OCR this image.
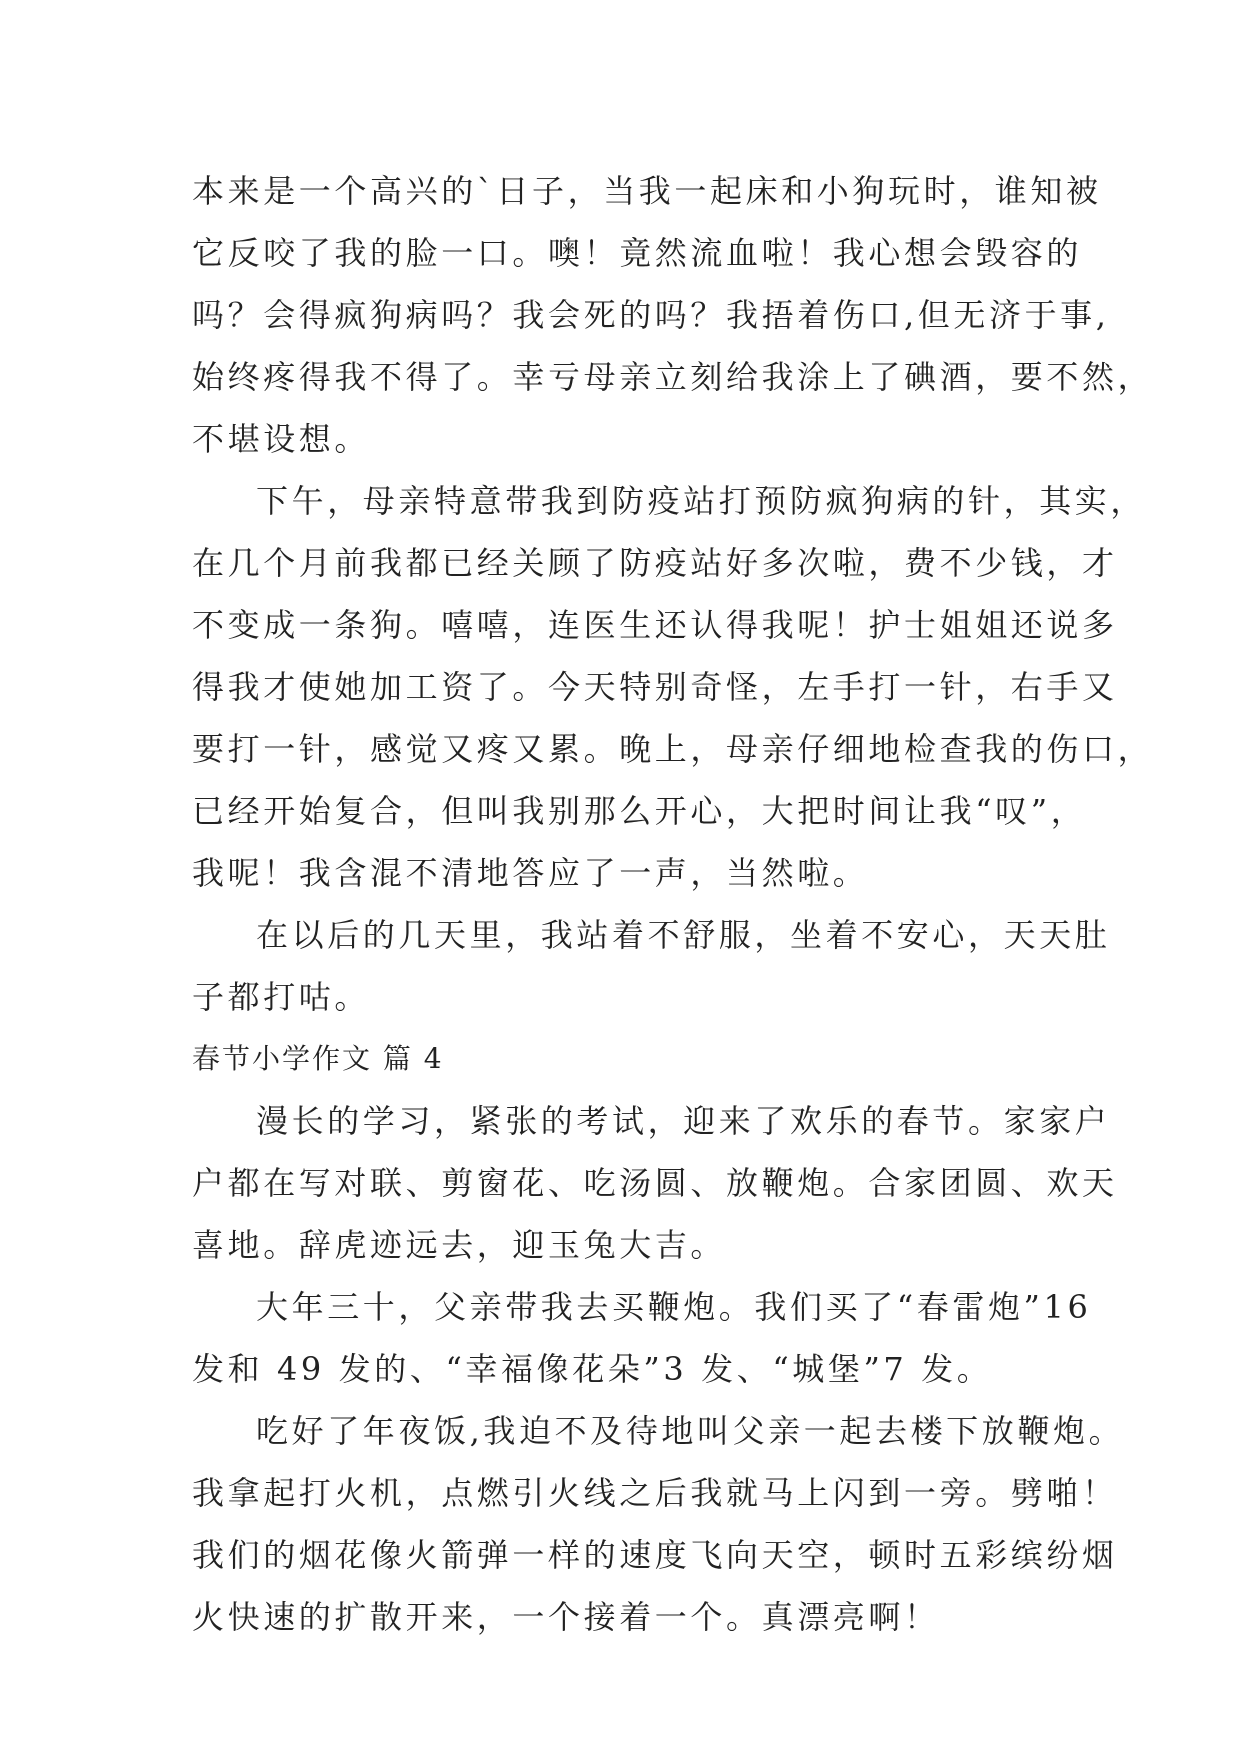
本来是一个高兴的`日子，当我一起床和小狗玩时，谁知被
它反咬了我的脸一口。噢！竟然流血啦！我心想会毁容的
吗？会得疯狗病吗？我会死的吗？我捂着伤口,但无济于事,
始终疼得我不得了。幸亏母亲立刻给我涂上了碘酒，要不然，
不堪设想。
下午，母亲特意带我到防疫站打预防疯狗病的针，其实，
在几个月前我都已经关顾了防疫站好多次啦，费不少钱，才
不变成一条狗。嘻嘻，连医生还认得我呢！护士姐姐还说多
得我才使她加工资了。今天特别奇怪，左手打一针，右手又
要打一针，感觉又疼又累。晚上，母亲仔细地检查我的伤口，
已经开始复合，但叫我别那么开心，大把时间让我“叹”，
我呢！我含混不清地答应了一声，当然啦。
在以后的几天里，我站着不舒服，坐着不安心，天天肚
子都打咕。
春节小学作文 篇 4
漫长的学习，紧张的考试，迎来了欢乐的春节。家家户
户都在写对联、剪窗花、吃汤圆、放鞭炮。合家团圆、欢天
喜地。辞虎迹远去，迎玉兔大吉。
大年三十，父亲带我去买鞭炮。我们买了“春雷炮”16
发和 49 发的、“幸福像花朵”3 发、“城堡”7 发。
吃好了年夜饭,我迫不及待地叫父亲一起去楼下放鞭炮。
我拿起打火机，点燃引火线之后我就马上闪到一旁。劈啪！
我们的烟花像火箭弹一样的速度飞向天空，顿时五彩缤纷烟
火快速的扩散开来，一个接着一个。真漂亮啊！
